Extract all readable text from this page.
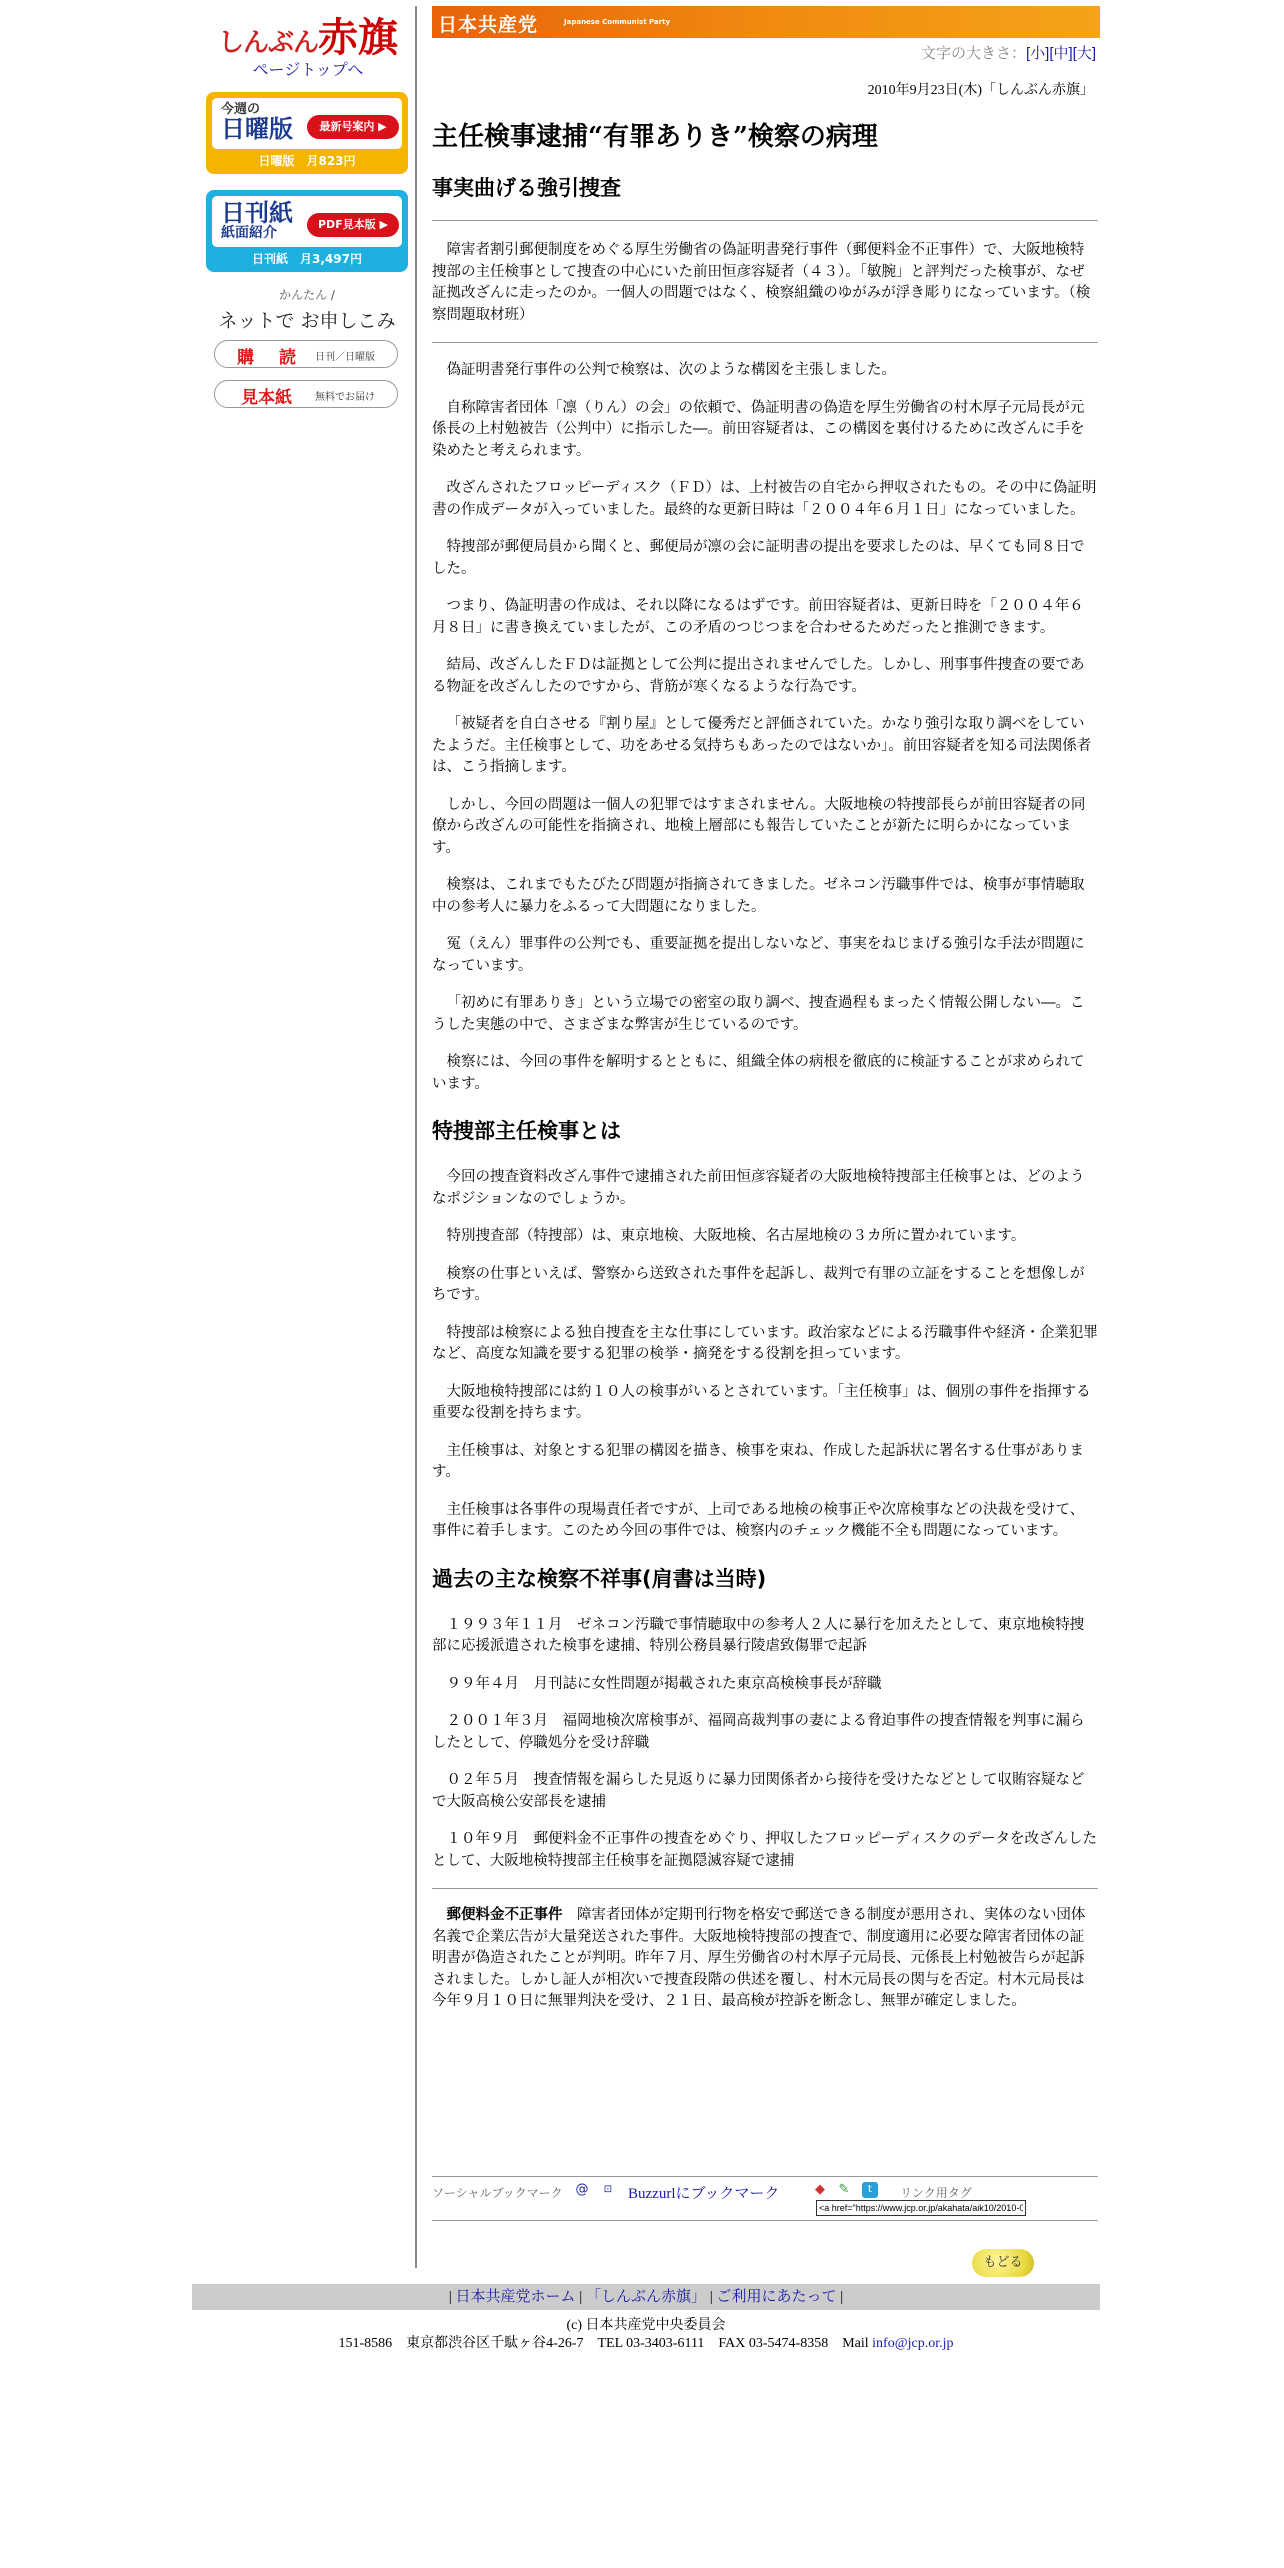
しんぶん赤旗
ページトップへ
今週の
日曜版	最新号案内 ▶
日曜版　月823円
日刊紙
紙面紹介
PDF見本版 ▶
日刊紙　月3,497円
かんたん /
ネットで お申しこみ
購　読 日刊／日曜版
見本紙 無料でお届け
日本共産党	Japanese Communist Party
文字の大きさ：[小][中][大]
2010年9月23日(木)「しんぶん赤旗」
主任検事逮捕“有罪ありき”検察の病理
事実曲げる強引捜査

障害者割引郵便制度をめぐる厚生労働省の偽証明書発行事件（郵便料金不正事件）で、大阪地検特捜部の主任検事として捜査の中心にいた前田恒彦容疑者（４３）。「敏腕」と評判だった検事が、なぜ証拠改ざんに走ったのか。一個人の問題ではなく、検察組織のゆがみが浮き彫りになっています。（検察問題取材班）

偽証明書発行事件の公判で検察は、次のような構図を主張しました。

自称障害者団体「凛（りん）の会」の依頼で、偽証明書の偽造を厚生労働省の村木厚子元局長が元係長の上村勉被告（公判中）に指示した―。前田容疑者は、この構図を裏付けるために改ざんに手を染めたと考えられます。

改ざんされたフロッピーディスク（ＦＤ）は、上村被告の自宅から押収されたもの。その中に偽証明書の作成データが入っていました。最終的な更新日時は「２００４年６月１日」になっていました。

特捜部が郵便局員から聞くと、郵便局が凛の会に証明書の提出を要求したのは、早くても同８日でした。

つまり、偽証明書の作成は、それ以降になるはずです。前田容疑者は、更新日時を「２００４年６月８日」に書き換えていましたが、この矛盾のつじつまを合わせるためだったと推測できます。

結局、改ざんしたＦＤは証拠として公判に提出されませんでした。しかし、刑事事件捜査の要である物証を改ざんしたのですから、背筋が寒くなるような行為です。

「被疑者を自白させる『割り屋』として優秀だと評価されていた。かなり強引な取り調べをしていたようだ。主任検事として、功をあせる気持ちもあったのではないか」。前田容疑者を知る司法関係者は、こう指摘します。

しかし、今回の問題は一個人の犯罪ではすまされません。大阪地検の特捜部長らが前田容疑者の同僚から改ざんの可能性を指摘され、地検上層部にも報告していたことが新たに明らかになっています。

検察は、これまでもたびたび問題が指摘されてきました。ゼネコン汚職事件では、検事が事情聴取中の参考人に暴力をふるって大問題になりました。

冤（えん）罪事件の公判でも、重要証拠を提出しないなど、事実をねじまげる強引な手法が問題になっています。

「初めに有罪ありき」という立場での密室の取り調べ、捜査過程もまったく情報公開しない―。こうした実態の中で、さまざまな弊害が生じているのです。

検察には、今回の事件を解明するとともに、組織全体の病根を徹底的に検証することが求められています。

特捜部主任検事とは

今回の捜査資料改ざん事件で逮捕された前田恒彦容疑者の大阪地検特捜部主任検事とは、どのようなポジションなのでしょうか。

特別捜査部（特捜部）は、東京地検、大阪地検、名古屋地検の３カ所に置かれています。

検察の仕事といえば、警察から送致された事件を起訴し、裁判で有罪の立証をすることを想像しがちです。

特捜部は検察による独自捜査を主な仕事にしています。政治家などによる汚職事件や経済・企業犯罪など、高度な知識を要する犯罪の検挙・摘発をする役割を担っています。

大阪地検特捜部には約１０人の検事がいるとされています。「主任検事」は、個別の事件を指揮する重要な役割を持ちます。

主任検事は、対象とする犯罪の構図を描き、検事を束ね、作成した起訴状に署名する仕事があります。

主任検事は各事件の現場責任者ですが、上司である地検の検事正や次席検事などの決裁を受けて、事件に着手します。このため今回の事件では、検察内のチェック機能不全も問題になっています。

過去の主な検察不祥事(肩書は当時)

１９９３年１１月　ゼネコン汚職で事情聴取中の参考人２人に暴行を加えたとして、東京地検特捜部に応援派遣された検事を逮捕、特別公務員暴行陵虐致傷罪で起訴

９９年４月　月刊誌に女性問題が掲載された東京高検検事長が辞職

２００１年３月　福岡地検次席検事が、福岡高裁判事の妻による脅迫事件の捜査情報を判事に漏らしたとして、停職処分を受け辞職

０２年５月　捜査情報を漏らした見返りに暴力団関係者から接待を受けたなどとして収賄容疑などで大阪高検公安部長を逮捕

１０年９月　郵便料金不正事件の捜査をめぐり、押収したフロッピーディスクのデータを改ざんしたとして、大阪地検特捜部主任検事を証拠隠滅容疑で逮捕

郵便料金不正事件　障害者団体が定期刊行物を格安で郵送できる制度が悪用され、実体のない団体名義で企業広告が大量発送された事件。大阪地検特捜部の捜査で、制度適用に必要な障害者団体の証明書が偽造されたことが判明。昨年７月、厚生労働省の村木厚子元局長、元係長上村勉被告らが起訴されました。しかし証人が相次いで捜査段階の供述を覆し、村木元局長の関与を否定。村木元局長は今年９月１０日に無罪判決を受け、２１日、最高検が控訴を断念し、無罪が確定しました。

ソーシャルブックマーク @	⊡ Buzzurlにブックマーク	◆ ✎	t	リンク用タグ
<a href="https://www.jcp.or.jp/akahata/aik10/2010-0
もどる
| 日本共産党ホーム | 「しんぶん赤旗」 | ご利用にあたって |
(c) 日本共産党中央委員会
151-8586　東京都渋谷区千駄ヶ谷4-26-7　TEL 03-3403-6111　FAX 03-5474-8358　Mail info@jcp.or.jp
